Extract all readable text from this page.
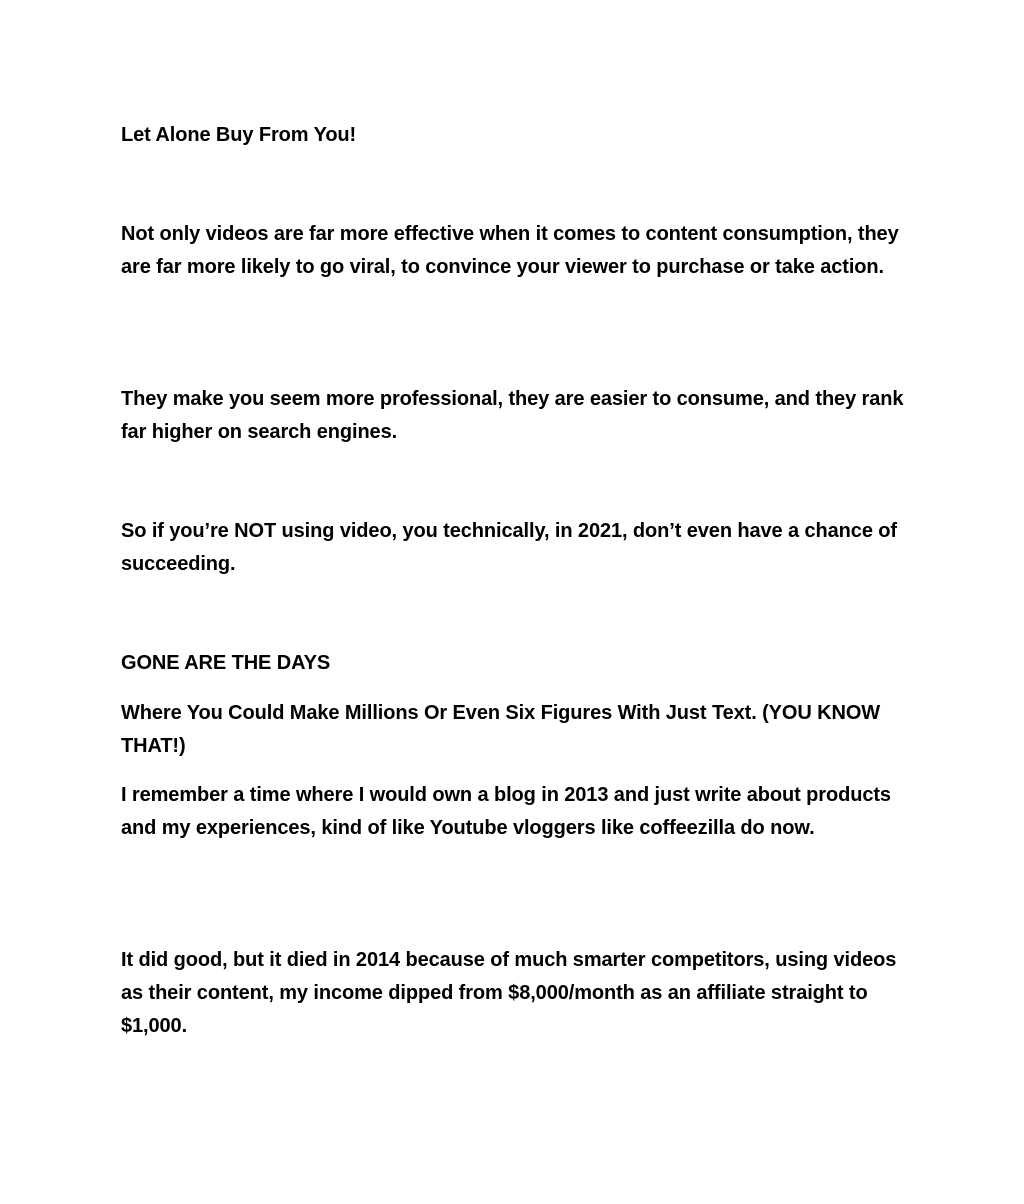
Let Alone Buy From You!

Not only videos are far more effective when it comes to content consumption, they are far more likely to go viral, to convince your viewer to purchase or take action.

They make you seem more professional, they are easier to consume, and they rank far higher on search engines.

So if you’re NOT using video, you technically, in 2021, don’t even have a chance of succeeding.

GONE ARE THE DAYS

Where You Could Make Millions Or Even Six Figures With Just Text. (YOU KNOW THAT!)

I remember a time where I would own a blog in 2013 and just write about products and my experiences, kind of like Youtube vloggers like coffeezilla do now.

It did good, but it died in 2014 because of much smarter competitors, using videos as their content, my income dipped from $8,000/month as an affiliate straight to $1,000.
